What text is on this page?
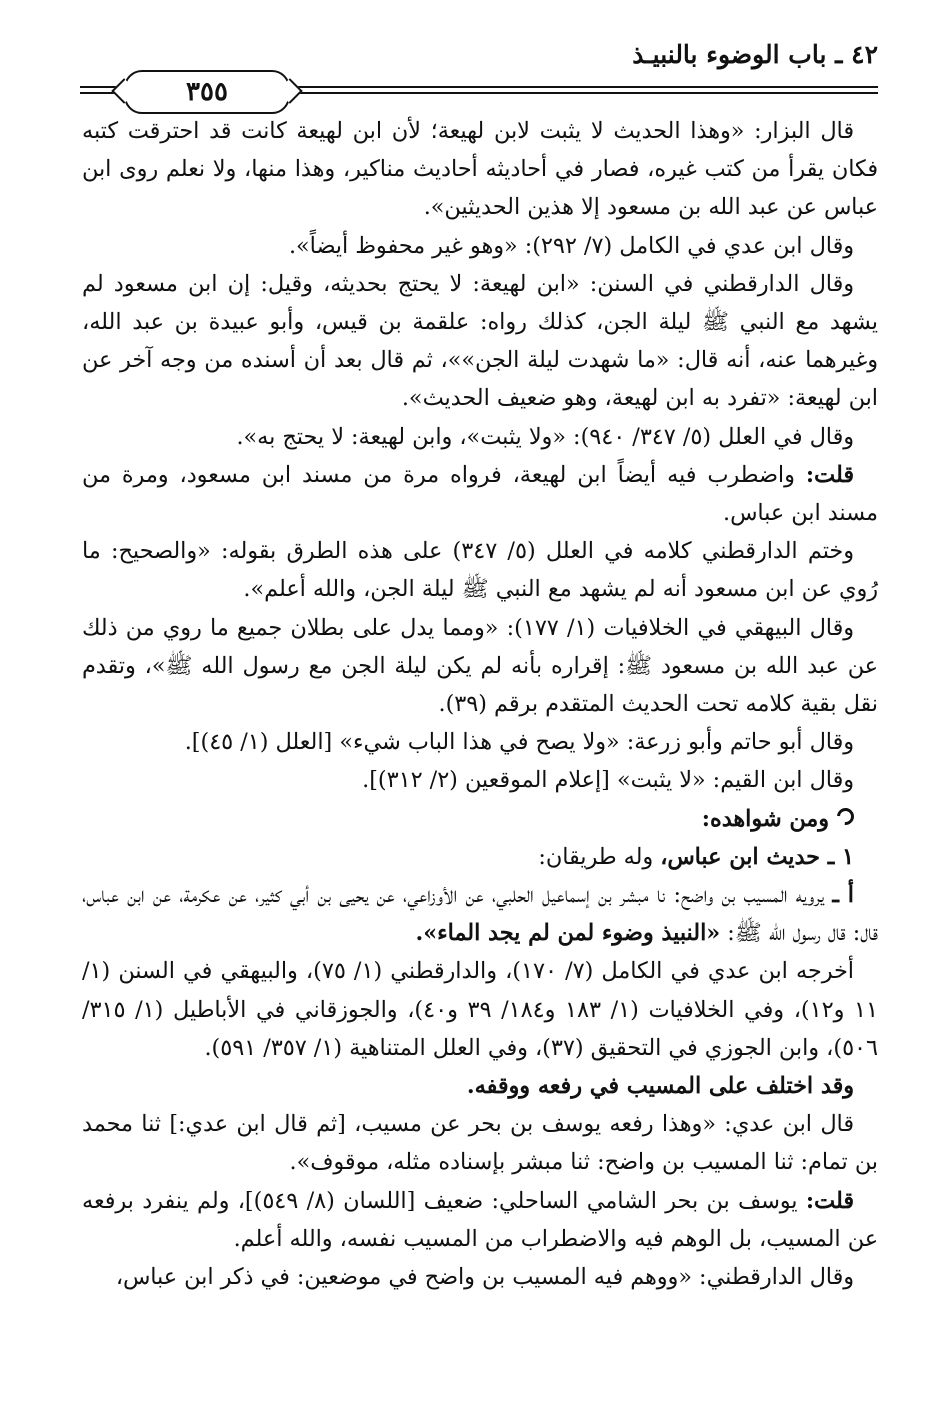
٤٢ ـ باب الوضوء بالنبيـذ
٣٥٥

قال البزار: «وهذا الحديث لا يثبت لابن لهيعة؛ لأن ابن لهيعة كانت قد احترقت كتبه فكان يقرأ من كتب غيره، فصار في أحاديثه أحاديث مناكير، وهذا منها، ولا نعلم روى ابن عباس عن عبد الله بن مسعود إلا هذين الحديثين».

وقال ابن عدي في الكامل (٧/ ٢٩٢): «وهو غير محفوظ أيضاً».

وقال الدارقطني في السنن: «ابن لهيعة: لا يحتج بحديثه، وقيل: إن ابن مسعود لم يشهد مع النبي ﷺ ليلة الجن، كذلك رواه: علقمة بن قيس، وأبو عبيدة بن عبد الله، وغيرهما عنه، أنه قال: «ما شهدت ليلة الجن»»، ثم قال بعد أن أسنده من وجه آخر عن ابن لهيعة: «تفرد به ابن لهيعة، وهو ضعيف الحديث».

وقال في العلل (٥/ ٣٤٧/ ٩٤٠): «ولا يثبت»، وابن لهيعة: لا يحتج به».

قلت: واضطرب فيه أيضاً ابن لهيعة، فرواه مرة من مسند ابن مسعود، ومرة من مسند ابن عباس.

وختم الدارقطني كلامه في العلل (٥/ ٣٤٧) على هذه الطرق بقوله: «والصحيح: ما رُوي عن ابن مسعود أنه لم يشهد مع النبي ﷺ ليلة الجن، والله أعلم».

وقال البيهقي في الخلافيات (١/ ١٧٧): «ومما يدل على بطلان جميع ما روي من ذلك عن عبد الله بن مسعود ﷺ: إقراره بأنه لم يكن ليلة الجن مع رسول الله ﷺ»، وتقدم نقل بقية كلامه تحت الحديث المتقدم برقم (٣٩).

وقال أبو حاتم وأبو زرعة: «ولا يصح في هذا الباب شيء» [العلل (١/ ٤٥)].

وقال ابن القيم: «لا يثبت» [إعلام الموقعين (٢/ ٣١٢)].

ومن شواهده:

١ ـ حديث ابن عباس، وله طريقان:

أ ـ يرويه المسيب بن واضح: نا مبشر بن إسماعيل الحلبي، عن الأوزاعي، عن يحيى بن أبي كثير، عن عكرمة، عن ابن عباس، قال: قال رسول الله ﷺ: «النبيذ وضوء لمن لم يجد الماء».

أخرجه ابن عدي في الكامل (٧/ ١٧٠)، والدارقطني (١/ ٧٥)، والبيهقي في السنن (١/ ١١ و١٢)، وفي الخلافيات (١/ ١٨٣ و١٨٤/ ٣٩ و٤٠)، والجوزقاني في الأباطيل (١/ ٣١٥/ ٥٠٦)، وابن الجوزي في التحقيق (٣٧)، وفي العلل المتناهية (١/ ٣٥٧/ ٥٩١).

وقد اختلف على المسيب في رفعه ووقفه.

قال ابن عدي: «وهذا رفعه يوسف بن بحر عن مسيب، [ثم قال ابن عدي:] ثنا محمد بن تمام: ثنا المسيب بن واضح: ثنا مبشر بإسناده مثله، موقوف».

قلت: يوسف بن بحر الشامي الساحلي: ضعيف [اللسان (٨/ ٥٤٩)]، ولم ينفرد برفعه عن المسيب، بل الوهم فيه والاضطراب من المسيب نفسه، والله أعلم.

وقال الدارقطني: «ووهم فيه المسيب بن واضح في موضعين: في ذكر ابن عباس،
